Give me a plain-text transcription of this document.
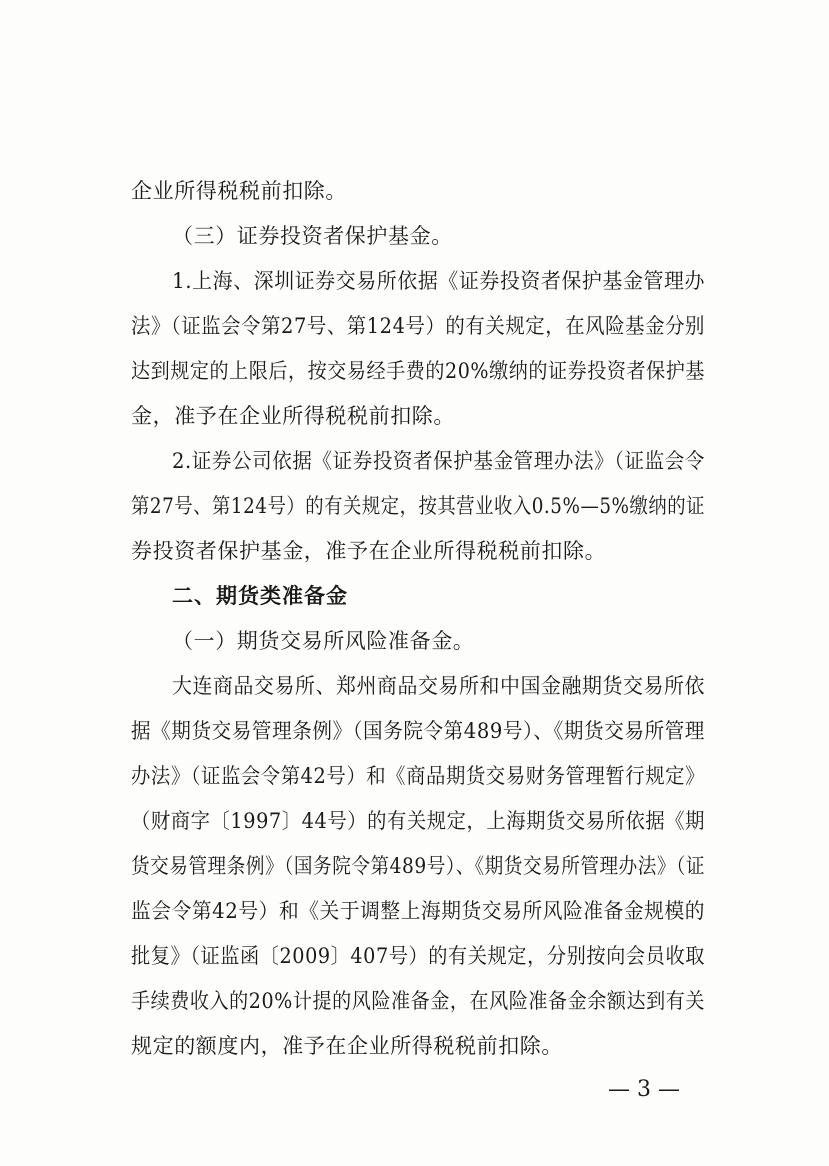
企业所得税税前扣除。
（三）证券投资者保护基金。
1.上海、深圳证券交易所依据《证券投资者保护基金管理办
法》（证监会令第27号、第124号）的有关规定，在风险基金分别
达到规定的上限后，按交易经手费的20%缴纳的证券投资者保护基
金，准予在企业所得税税前扣除。
2.证券公司依据《证券投资者保护基金管理办法》（证监会令
第27号、第124号）的有关规定，按其营业收入0.5%—5%缴纳的证
券投资者保护基金，准予在企业所得税税前扣除。
二、期货类准备金
（一）期货交易所风险准备金。
大连商品交易所、郑州商品交易所和中国金融期货交易所依
据《期货交易管理条例》（国务院令第489号）、《期货交易所管理
办法》（证监会令第42号）和《商品期货交易财务管理暂行规定》
（财商字〔1997〕44号）的有关规定，上海期货交易所依据《期
货交易管理条例》（国务院令第489号）、《期货交易所管理办法》（证
监会令第42号）和《关于调整上海期货交易所风险准备金规模的
批复》（证监函〔2009〕407号）的有关规定，分别按向会员收取
手续费收入的20%计提的风险准备金，在风险准备金余额达到有关
规定的额度内，准予在企业所得税税前扣除。
— 3 —
